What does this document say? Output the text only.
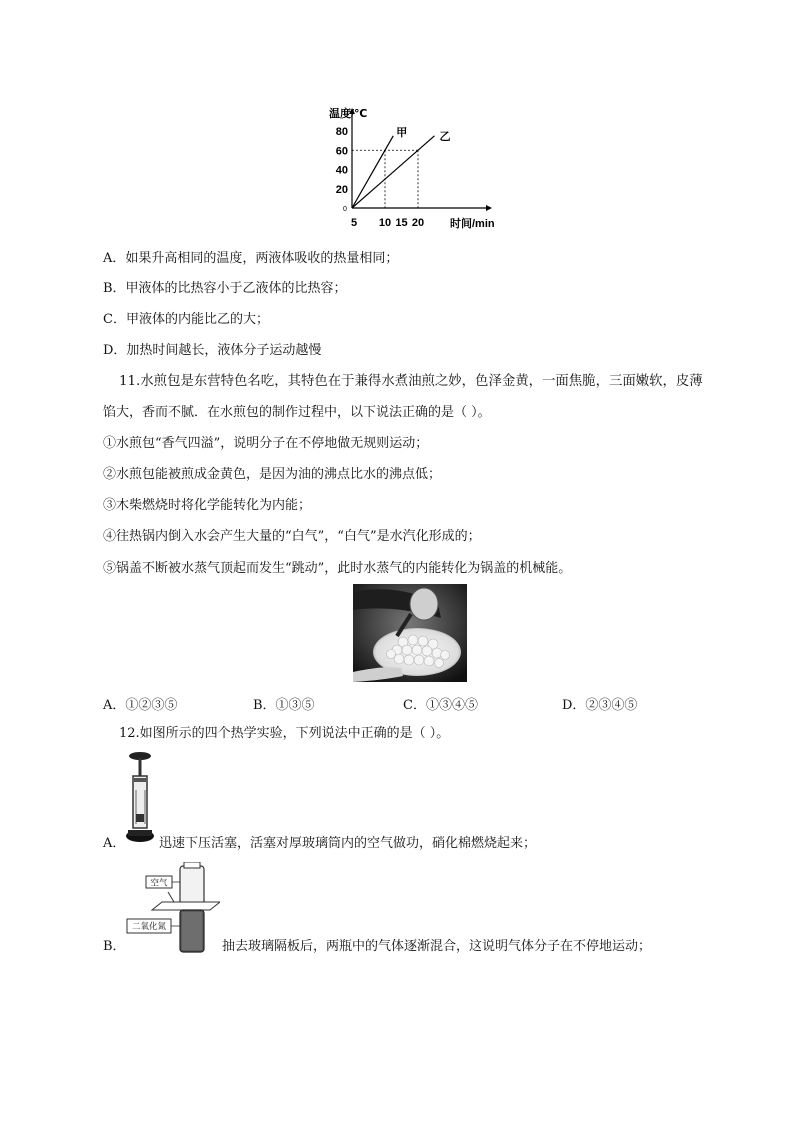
温度/℃
时间/min
0
80
60
40
20
5 10 15 20
甲	乙
A．如果升高相同的温度，两液体吸收的热量相同；
B．甲液体的比热容小于乙液体的比热容；
C．甲液体的内能比乙的大；
D．加热时间越长，液体分子运动越慢
11.水煎包是东营特色名吃，其特色在于兼得水煮油煎之妙，色泽金黄，一面焦脆，三面嫩软，皮薄
馅大，香而不腻．在水煎包的制作过程中，以下说法正确的是（ ）。
①水煎包“香气四溢”，说明分子在不停地做无规则运动；
②水煎包能被煎成金黄色，是因为油的沸点比水的沸点低；
③木柴燃烧时将化学能转化为内能；
④往热锅内倒入水会产生大量的“白气”，“白气”是水汽化形成的；
⑤锅盖不断被水蒸气顶起而发生“跳动”，此时水蒸气的内能转化为锅盖的机械能。
A．①②③⑤	B．①③⑤	C．①③④⑤	D．②③④⑤
12.如图所示的四个热学实验，下列说法中正确的是（ ）。
A．	迅速下压活塞，活塞对厚玻璃筒内的空气做功，硝化棉燃烧起来；
空气
二氧化氮
B．	抽去玻璃隔板后，两瓶中的气体逐渐混合，这说明气体分子在不停地运动；
